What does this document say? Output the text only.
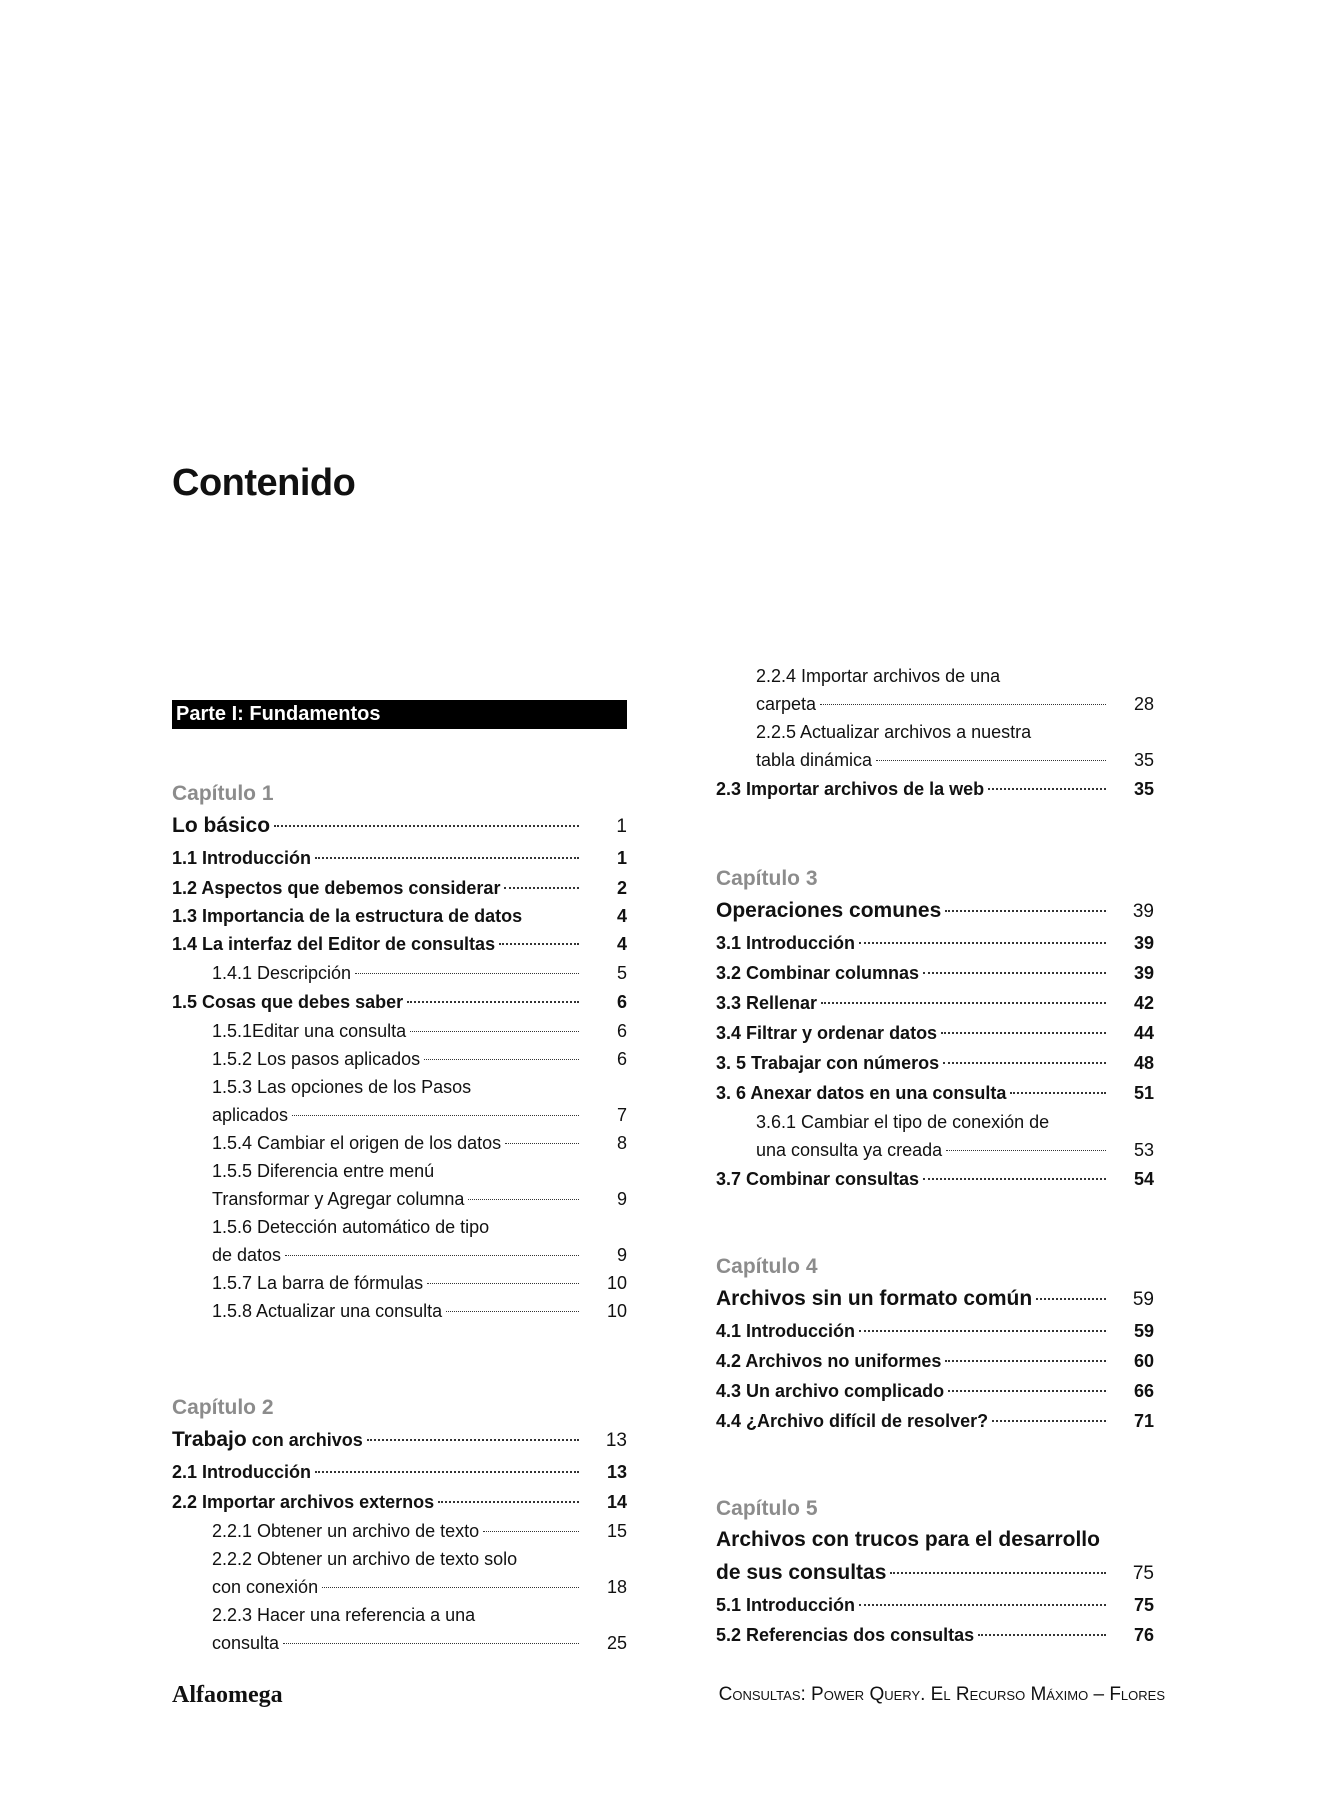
Contenido
Parte I: Fundamentos
Capítulo 1
Lo básico	1
1.1 Introducción	1
1.2 Aspectos que debemos considerar	2
1.3 Importancia de la estructura de datos	4
1.4 La interfaz del Editor de consultas	4
1.4.1 Descripción	5
1.5 Cosas que debes saber	6
1.5.1Editar una consulta	6
1.5.2 Los pasos aplicados	6
1.5.3 Las opciones de los Pasos
aplicados	7
1.5.4 Cambiar el origen de los datos	8
1.5.5 Diferencia entre menú
Transformar y Agregar columna	9
1.5.6 Detección automático de tipo
de datos	9
1.5.7 La barra de fórmulas	10
1.5.8 Actualizar una consulta	10
Capítulo 2
Trabajo con archivos	13
2.1 Introducción	13
2.2 Importar archivos externos	14
2.2.1 Obtener un archivo de texto	15
2.2.2 Obtener un archivo de texto solo
con conexión	18
2.2.3 Hacer una referencia a una
consulta	25
2.2.4 Importar archivos de una
carpeta	28
2.2.5 Actualizar archivos a nuestra
tabla dinámica	35
2.3 Importar archivos de la web	35
Capítulo 3
Operaciones comunes	39
3.1 Introducción	39
3.2 Combinar columnas	39
3.3 Rellenar	42
3.4 Filtrar y ordenar datos	44
3. 5 Trabajar con números	48
3. 6 Anexar datos en una consulta	51
3.6.1 Cambiar el tipo de conexión de
una consulta ya creada	53
3.7 Combinar consultas	54
Capítulo 4
Archivos sin un formato común	59
4.1 Introducción	59
4.2 Archivos no uniformes	60
4.3 Un archivo complicado	66
4.4 ¿Archivo difícil de resolver?	71
Capítulo 5
Archivos con trucos para el desarrollo
de sus consultas	75
5.1 Introducción	75
5.2 Referencias dos consultas	76
Alfaomega	Consultas: Power Query. El Recurso Máximo – Flores
